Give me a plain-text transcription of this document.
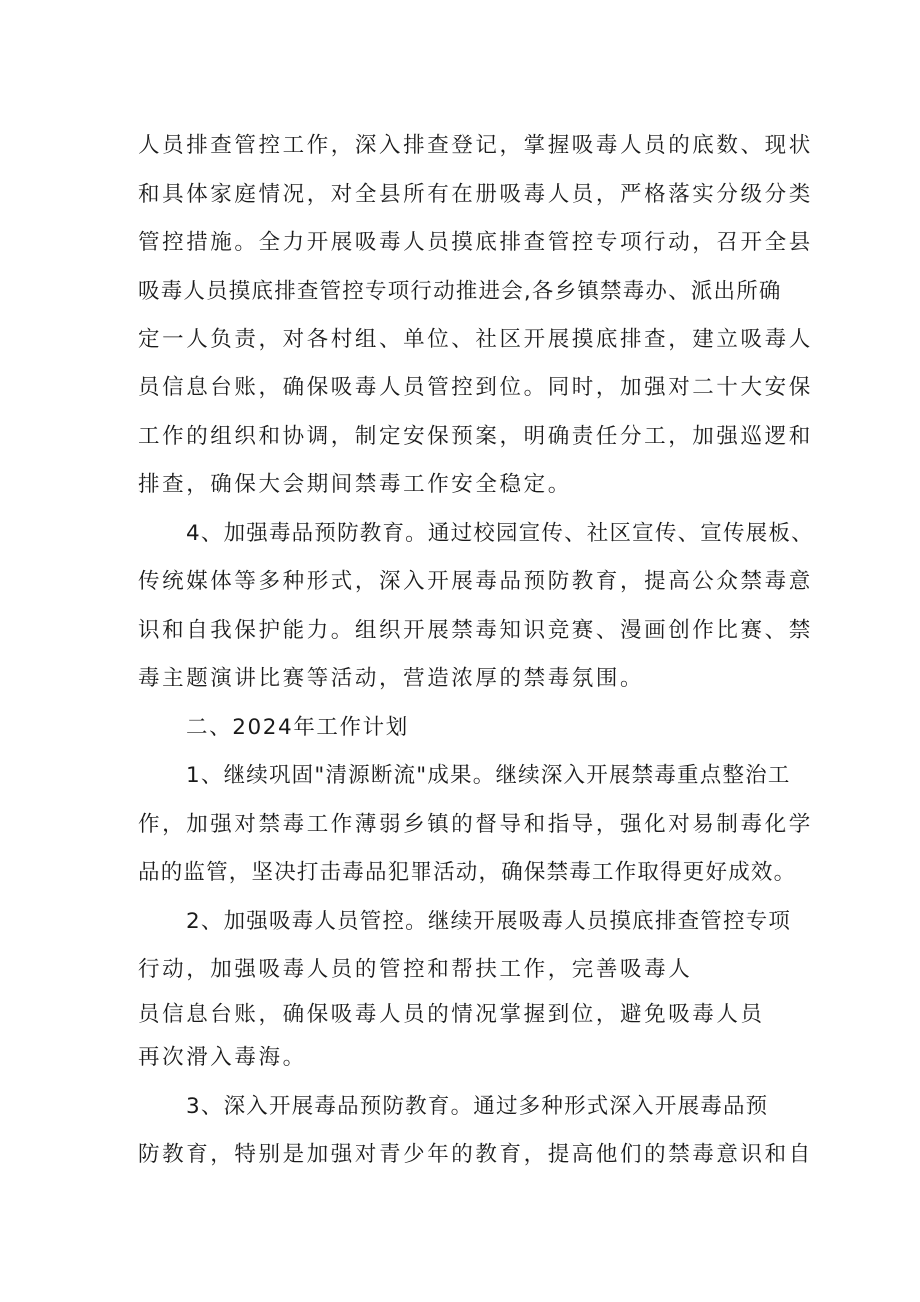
人员排查管控工作，深入排查登记，掌握吸毒人员的底数、现状
和具体家庭情况，对全县所有在册吸毒人员，严格落实分级分类
管控措施。全力开展吸毒人员摸底排查管控专项行动，召开全县
吸毒人员摸底排查管控专项行动推进会,各乡镇禁毒办、派出所确
定一人负责，对各村组、单位、社区开展摸底排查，建立吸毒人
员信息台账，确保吸毒人员管控到位。同时，加强对二十大安保
工作的组织和协调，制定安保预案，明确责任分工，加强巡逻和
排查，确保大会期间禁毒工作安全稳定。
4、加强毒品预防教育。通过校园宣传、社区宣传、宣传展板、
传统媒体等多种形式，深入开展毒品预防教育，提高公众禁毒意
识和自我保护能力。组织开展禁毒知识竞赛、漫画创作比赛、禁
毒主题演讲比赛等活动，营造浓厚的禁毒氛围。
二、2024年工作计划
1、继续巩固"清源断流"成果。继续深入开展禁毒重点整治工
作，加强对禁毒工作薄弱乡镇的督导和指导，强化对易制毒化学
品的监管，坚决打击毒品犯罪活动，确保禁毒工作取得更好成效。
2、加强吸毒人员管控。继续开展吸毒人员摸底排查管控专项
行动，加强吸毒人员的管控和帮扶工作，完善吸毒人
员信息台账，确保吸毒人员的情况掌握到位，避免吸毒人员
再次滑入毒海。
3、深入开展毒品预防教育。通过多种形式深入开展毒品预
防教育，特别是加强对青少年的教育，提高他们的禁毒意识和自
